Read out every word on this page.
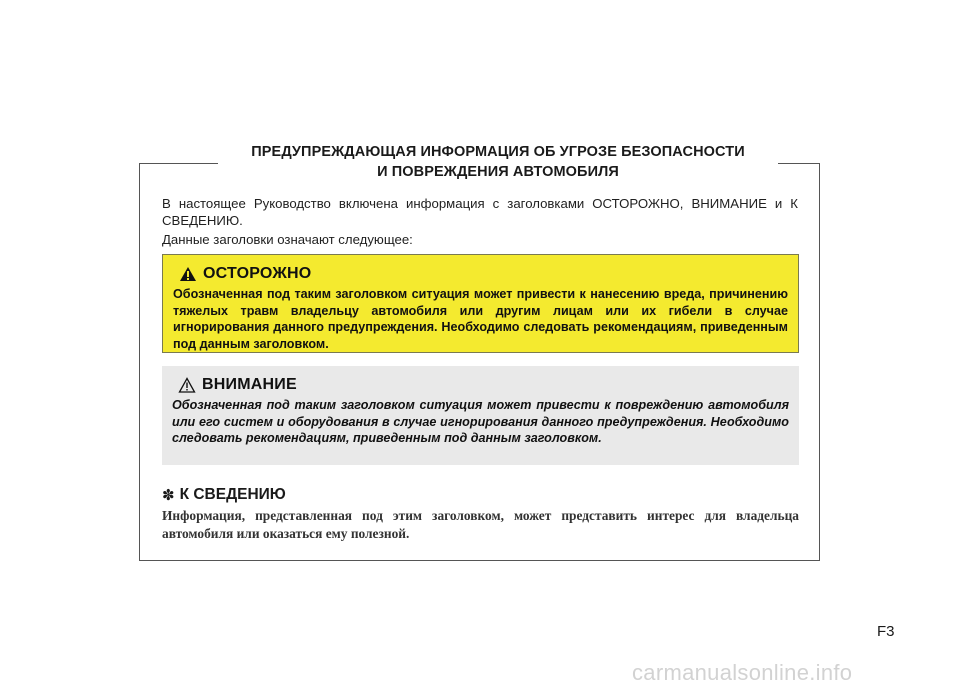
ПРЕДУПРЕЖДАЮЩАЯ ИНФОРМАЦИЯ ОБ УГРОЗЕ БЕЗОПАСНОСТИ
И ПОВРЕЖДЕНИЯ АВТОМОБИЛЯ

В настоящее Руководство включена информация с заголовками ОСТОРОЖНО, ВНИМАНИЕ и К СВЕДЕНИЮ.

Данные заголовки означают следующее:

ОСТОРОЖНО
Обозначенная под таким заголовком ситуация может привести к нанесению вреда, причинению тяжелых травм владельцу автомобиля или другим лицам или их гибели в случае игнорирования данного предупреждения. Необходимо следовать рекомендациям, приведенным под данным заголовком.
ВНИМАНИЕ
Обозначенная под таким заголовком ситуация может привести к повреждению автомобиля или его систем и оборудования в случае игнорирования данного предупреждения. Необходимо следовать рекомендациям, приведенным под данным заголовком.
✽ К СВЕДЕНИЮ
Информация, представленная под этим заголовком, может представить интерес для владельца автомобиля или оказаться ему полезной.
F3
carmanualsonline.info
